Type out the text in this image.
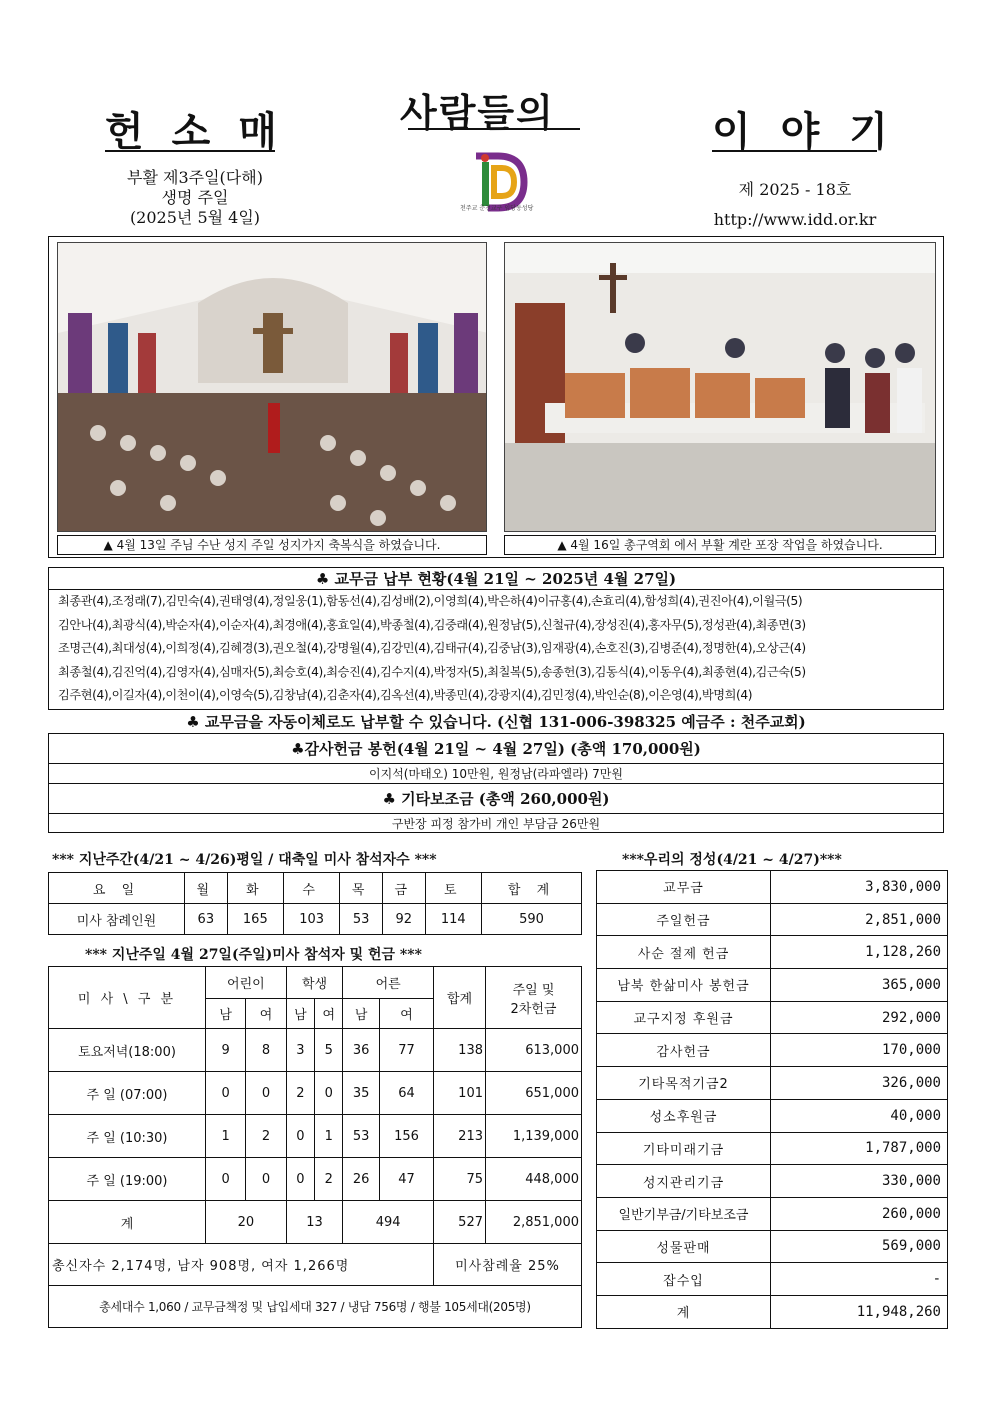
헌소매	사람들의	이야기
부활 제3주일(다해)
생명 주일
(2025년 5월 4일)
제 2025 - 18호
http://www.idd.or.kr
천주교 춘천교구 임당동성당
▲ 4월 13일 주님 수난 성지 주일 성지가지 축복식을 하였습니다.	▲ 4월 16일 총구역회 에서 부활 계란 포장 작업을 하였습니다.
♣ 교무금 납부 현황(4월 21일 ~ 2025년 4월 27일)
최종관(4),조정래(7),김민숙(4),권태영(4),정일웅(1),함동선(4),김성배(2),이영희(4),박은하(4)이규홍(4),손효리(4),함성희(4),권진아(4),이월극(5)
김안나(4),최광식(4),박순자(4),이순자(4),최경애(4),홍효일(4),박종철(4),김중래(4),원정남(5),신철규(4),장성진(4),홍자무(5),정성관(4),최종면(3)
조명근(4),최대성(4),이희정(4),김혜경(3),권오철(4),강명월(4),김강민(4),김태규(4),김중남(3),임재광(4),손호진(3),김병준(4),정명한(4),오상근(4)
최종철(4),김진억(4),김영자(4),심매자(5),최승호(4),최승진(4),김수지(4),박정자(5),최칠복(5),송종헌(3),김동식(4),이동우(4),최종현(4),김근숙(5)
김주현(4),이길자(4),이천이(4),이영숙(5),김창남(4),김춘자(4),김옥선(4),박종민(4),강광지(4),김민정(4),박인순(8),이은영(4),박명희(4)
♣ 교무금을 자동이체로도 납부할 수 있습니다. (신협 131-006-398325 예금주 : 천주교회)
♣감사헌금 봉헌(4월 21일 ~ 4월 27일) (총액 170,000원)
이지석(마태오) 10만원, 원정남(라파엘라) 7만원
♣ 기타보조금 (총액 260,000원)
구반장 피정 참가비 개인 부담금 26만원
*** 지난주간(4/21 ~ 4/26)평일 / 대축일 미사 참석자수 ***
요 일	월	화	수	목	금	토	합 계
미사 참례인원	63	165	103	53	92	114	590
*** 지난주일 4월 27일(주일)미사 참석자 및 헌금 ***
미 사 \ 구 분	어린이		학생		어른		합계	주일 및
2차헌금

	남	여	남	여	남	여		
토요저녁(18:00)	9	8	3	5	36	77	138	613,000
주 일 (07:00)	0	0	2	0	35	64	101	651,000
주 일 (10:30)	1	2	0	1	53	156	213	1,139,000
주 일 (19:00)	0	0	0	2	26	47	75	448,000
계	20		13		494		527	2,851,000
총신자수 2,174명, 남자 908명, 여자 1,266명							미사참례율 25%	
총세대수 1,060 / 교무금책정 및 납입세대 327 / 냉담 756명 / 행불 105세대(205명)								
***우리의 정성(4/21 ~ 4/27)***
교무금	3,830,000
주일헌금	2,851,000
사순 절제 헌금	1,128,260
남북 한삶미사 봉헌금	365,000
교구지정 후원금	292,000
감사헌금	170,000
기타목적기금2	326,000
성소후원금	40,000
기타미래기금	1,787,000
성지관리기금	330,000
일반기부금/기타보조금	260,000
성물판매	569,000
잡수입	-
계	11,948,260
